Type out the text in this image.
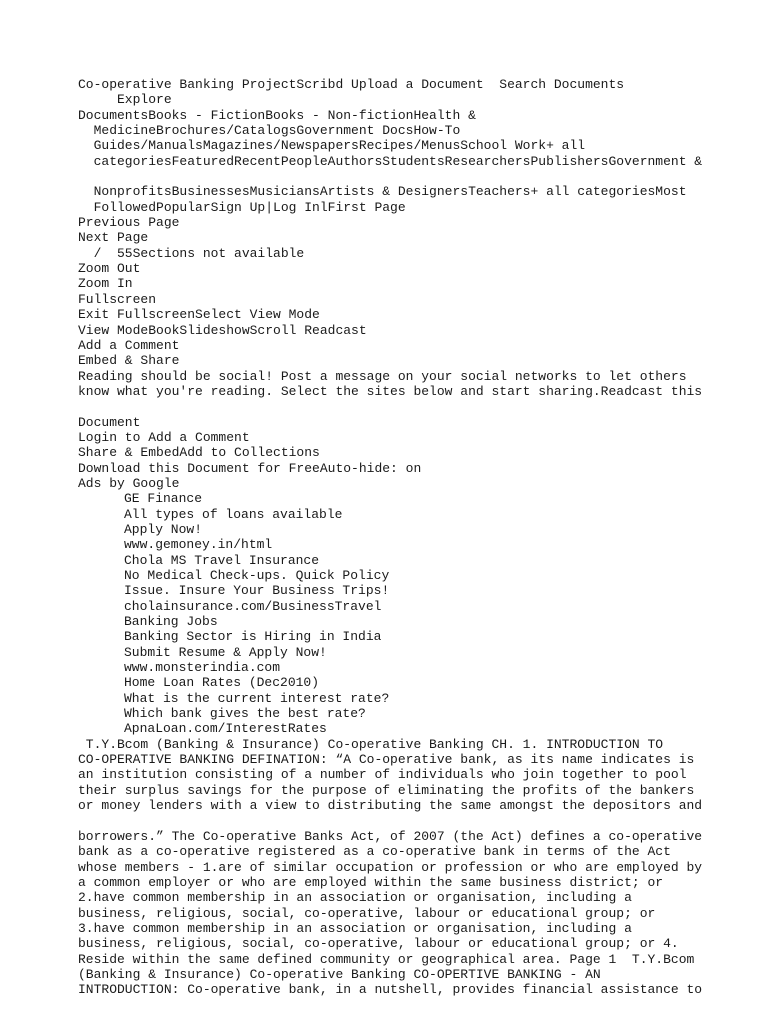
Co-operative Banking ProjectScribd Upload a Document  Search Documents
Explore
DocumentsBooks - FictionBooks - Non-fictionHealth &
MedicineBrochures/CatalogsGovernment DocsHow-To
Guides/ManualsMagazines/NewspapersRecipes/MenusSchool Work+ all
categoriesFeaturedRecentPeopleAuthorsStudentsResearchersPublishersGovernment &
NonprofitsBusinessesMusiciansArtists & DesignersTeachers+ all categoriesMost
FollowedPopularSign Up|Log InlFirst Page
Previous Page
Next Page
/  55Sections not available
Zoom Out
Zoom In
Fullscreen
Exit FullscreenSelect View Mode
View ModeBookSlideshowScroll Readcast
Add a Comment
Embed & Share
Reading should be social! Post a message on your social networks to let others
know what you're reading. Select the sites below and start sharing.Readcast this
Document
Login to Add a Comment
Share & EmbedAdd to Collections
Download this Document for FreeAuto-hide: on
Ads by Google
GE Finance
All types of loans available
Apply Now!
www.gemoney.in/html
Chola MS Travel Insurance
No Medical Check-ups. Quick Policy
Issue. Insure Your Business Trips!
cholainsurance.com/BusinessTravel
Banking Jobs
Banking Sector is Hiring in India
Submit Resume & Apply Now!
www.monsterindia.com
Home Loan Rates (Dec2010)
What is the current interest rate?
Which bank gives the best rate?
ApnaLoan.com/InterestRates
T.Y.Bcom (Banking & Insurance) Co-operative Banking CH. 1. INTRODUCTION TO
CO-OPERATIVE BANKING DEFINATION: “A Co-operative bank, as its name indicates is
an institution consisting of a number of individuals who join together to pool
their surplus savings for the purpose of eliminating the profits of the bankers
or money lenders with a view to distributing the same amongst the depositors and
borrowers.” The Co-operative Banks Act, of 2007 (the Act) defines a co-operative
bank as a co-operative registered as a co-operative bank in terms of the Act
whose members - 1.are of similar occupation or profession or who are employed by
a common employer or who are employed within the same business district; or
2.have common membership in an association or organisation, including a
business, religious, social, co-operative, labour or educational group; or
3.have common membership in an association or organisation, including a
business, religious, social, co-operative, labour or educational group; or 4.
Reside within the same defined community or geographical area. Page 1  T.Y.Bcom
(Banking & Insurance) Co-operative Banking CO-OPERTIVE BANKING - AN
INTRODUCTION: Co-operative bank, in a nutshell, provides financial assistance to
